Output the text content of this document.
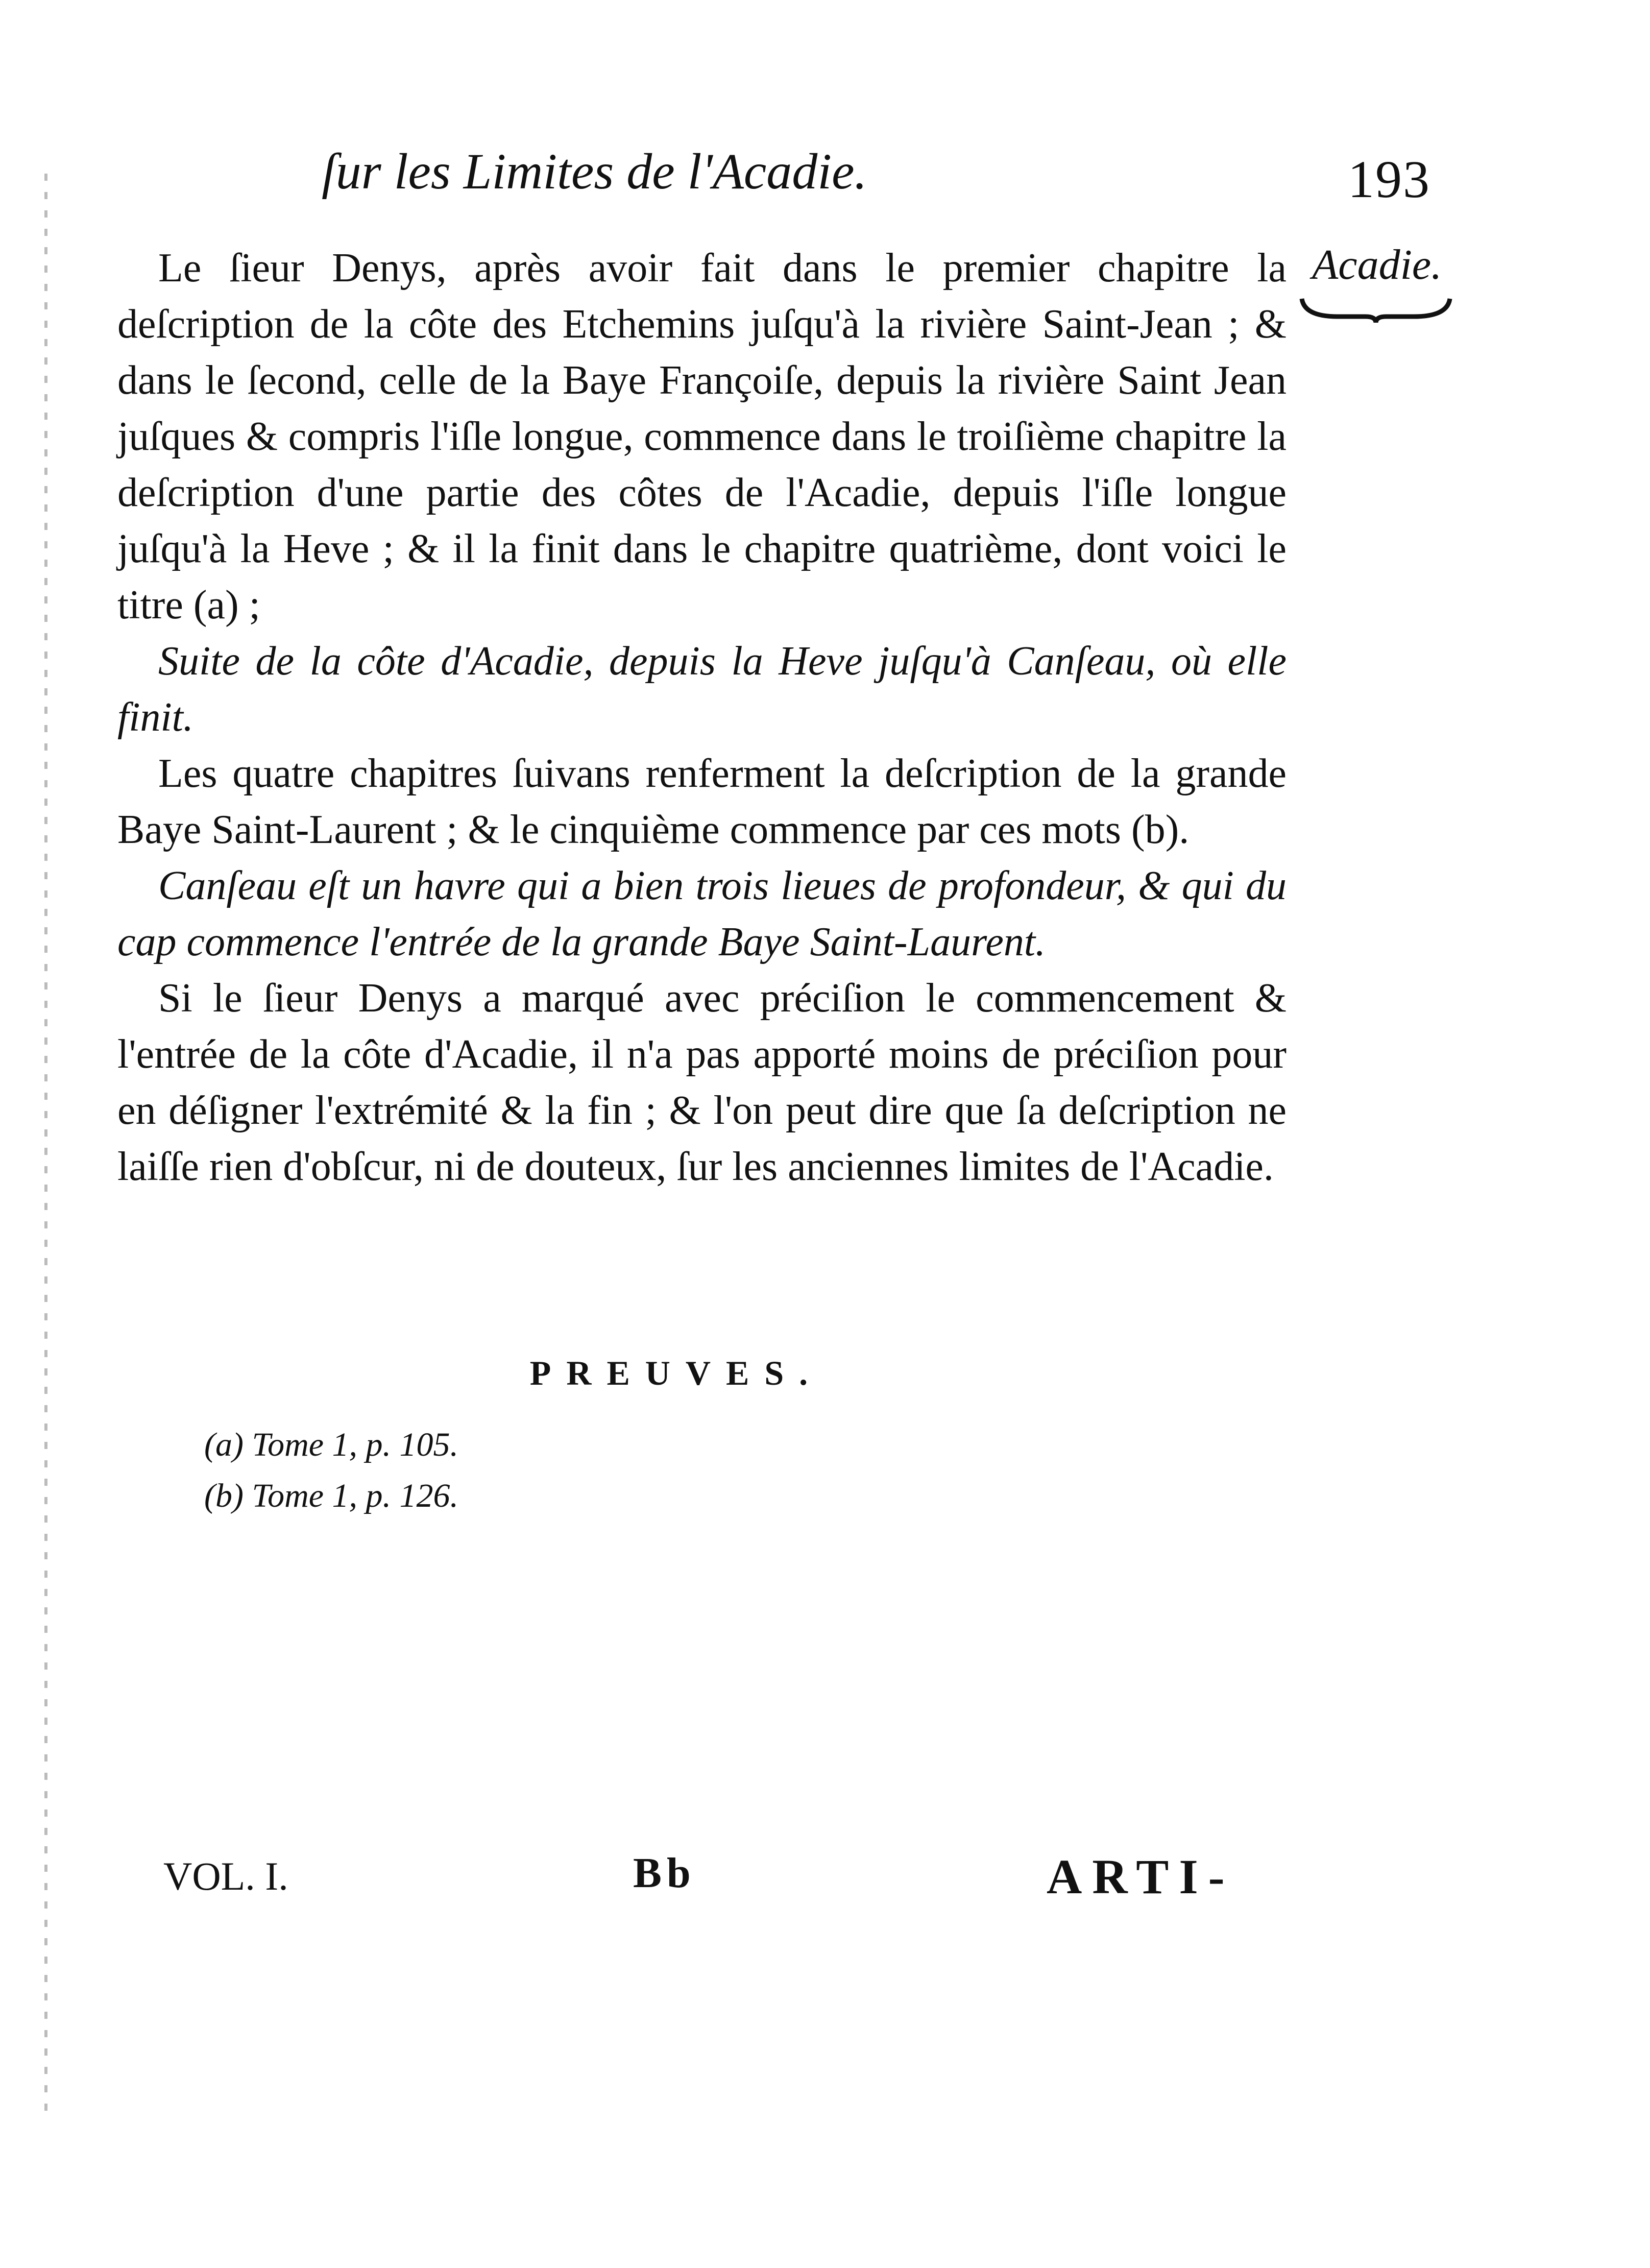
ſur les Limites de l'Acadie.	193
Acadie.

Le ſieur Denys, après avoir fait dans le premier chapitre la deſcription de la côte des Etchemins juſqu'à la rivière Saint-Jean ; & dans le ſecond, celle de la Baye Françoiſe, depuis la rivière Saint Jean juſques & compris l'iſle longue, commence dans le troiſième chapitre la deſcription d'une partie des côtes de l'Acadie, depuis l'iſle longue juſqu'à la Heve ; & il la finit dans le chapitre quatrième, dont voici le titre (a) ;

Suite de la côte d'Acadie, depuis la Heve juſqu'à Canſeau, où elle finit.

Les quatre chapitres ſuivans renferment la deſcription de la grande Baye Saint-Laurent ; & le cinquième commence par ces mots (b).

Canſeau eſt un havre qui a bien trois lieues de profondeur, & qui du cap commence l'entrée de la grande Baye Saint-Laurent.

Si le ſieur Denys a marqué avec préciſion le commencement & l'entrée de la côte d'Acadie, il n'a pas apporté moins de préciſion pour en déſigner l'extrémité & la fin ; & l'on peut dire que ſa deſcription ne laiſſe rien d'obſcur, ni de douteux, ſur les anciennes limites de l'Acadie.

PREUVES.
(a) Tome 1, p. 105.
(b) Tome 1, p. 126.
VOL. I.	Bb	ARTI-
